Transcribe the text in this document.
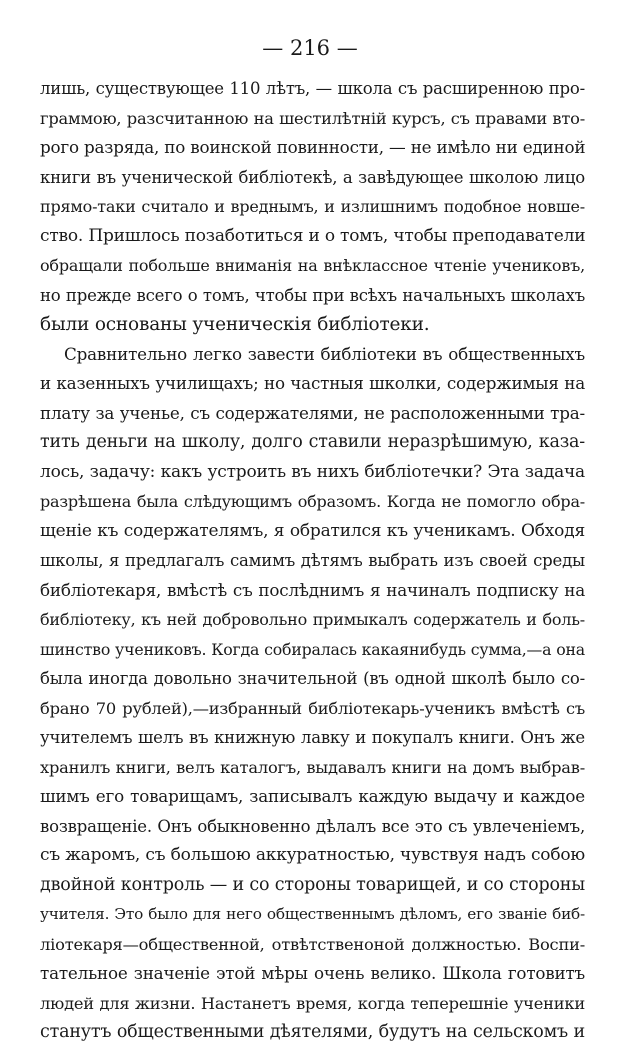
— 216 —
лишь, существующее 110 лѣтъ, — школа съ расширенною про-
граммою, разсчитанною на шестилѣтній курсъ, съ правами вто-
рого разряда, по воинской повинности, — не имѣло ни единой
книги въ ученической библіотекѣ, а завѣдующее школою лицо
прямо-таки считало и вреднымъ, и излишнимъ подобное новше-
ство. Пришлось позаботиться и о томъ, чтобы преподаватели
обращали побольше вниманія на внѣклассное чтеніе учениковъ,
но прежде всего о томъ, чтобы при всѣхъ начальныхъ школахъ
были основаны ученическія библіотеки.
Сравнительно легко завести библіотеки въ общественныхъ
и казенныхъ училищахъ; но частныя школки, содержимыя на
плату за ученье, съ содержателями, не расположенными тра-
тить деньги на школу, долго ставили неразрѣшимую, каза-
лось, задачу: какъ устроить въ нихъ библіотечки? Эта задача
разрѣшена была слѣдующимъ образомъ. Когда не помогло обра-
щеніе къ содержателямъ, я обратился къ ученикамъ. Обходя
школы, я предлагалъ самимъ дѣтямъ выбрать изъ своей среды
библіотекаря, вмѣстѣ съ послѣднимъ я начиналъ подписку на
библіотеку, къ ней добровольно примыкалъ содержатель и боль-
шинство учениковъ. Когда собиралась какаянибудь сумма,—а она
была иногда довольно значительной (въ одной школѣ было со-
брано 70 рублей),—избранный библіотекарь-ученикъ вмѣстѣ съ
учителемъ шелъ въ книжную лавку и покупалъ книги. Онъ же
хранилъ книги, велъ каталогъ, выдавалъ книги на домъ выбрав-
шимъ его товарищамъ, записывалъ каждую выдачу и каждое
возвращеніе. Онъ обыкновенно дѣлалъ все это съ увлеченіемъ,
съ жаромъ, съ большою аккуратностью, чувствуя надъ собою
двойной контроль — и со стороны товарищей, и со стороны
учителя. Это было для него общественнымъ дѣломъ, его званіе биб-
ліотекаря—общественной, отвѣтственоной должностью. Воспи-
тательное значеніе этой мѣры очень велико. Школа готовитъ
людей для жизни. Настанетъ время, когда теперешніе ученики
станутъ общественными дѣятелями, будутъ на сельскомъ и
